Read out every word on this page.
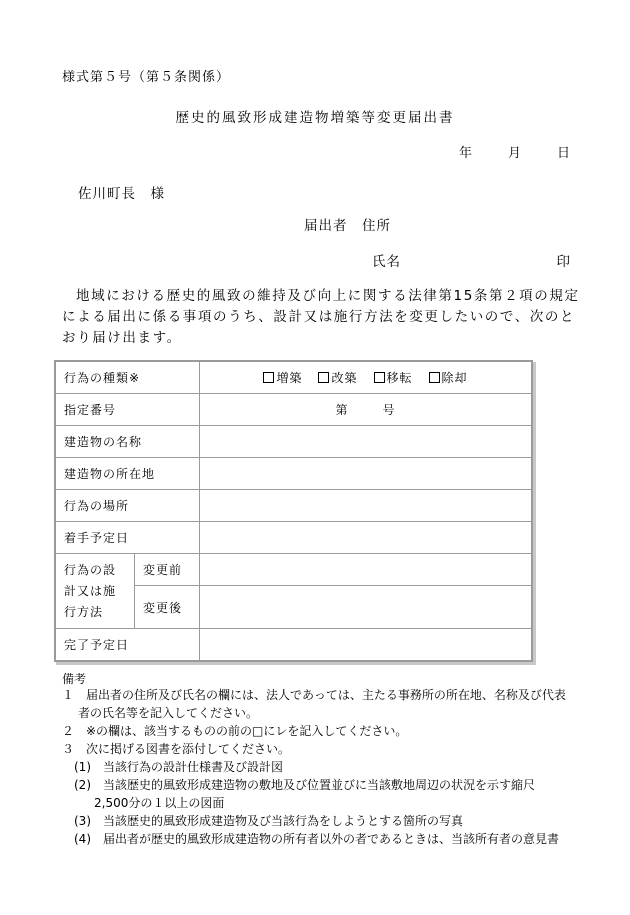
様式第５号（第５条関係）
歴史的風致形成建造物増築等変更届出書
年	月	日
佐川町長　様
届出者　住所
氏名	印
地域における歴史的風致の維持及び向上に関する法律第15条第２項の規定による届出に係る事項のうち、設計又は施行方法を変更したいので、次のとおり届け出ます。
行為の種類※		増築 改築 移転 除却

指定番号		第 号
建造物の名称		
建造物の所在地		
行為の場所		
着手予定日		

行為の設
計又は施
行方法	変更前	
	変更後	
完了予定日		
備考
１　届出者の住所及び氏名の欄には、法人であっては、主たる事務所の所在地、名称及び代表
者の氏名等を記入してください。
２　※の欄は、該当するものの前の□にレを記入してください。
３　次に掲げる図書を添付してください。
(1)　当該行為の設計仕様書及び設計図
(2)　当該歴史的風致形成建造物の敷地及び位置並びに当該敷地周辺の状況を示す縮尺
2,500分の１以上の図面
(3)　当該歴史的風致形成建造物及び当該行為をしようとする箇所の写真
(4)　届出者が歴史的風致形成建造物の所有者以外の者であるときは、当該所有者の意見書
